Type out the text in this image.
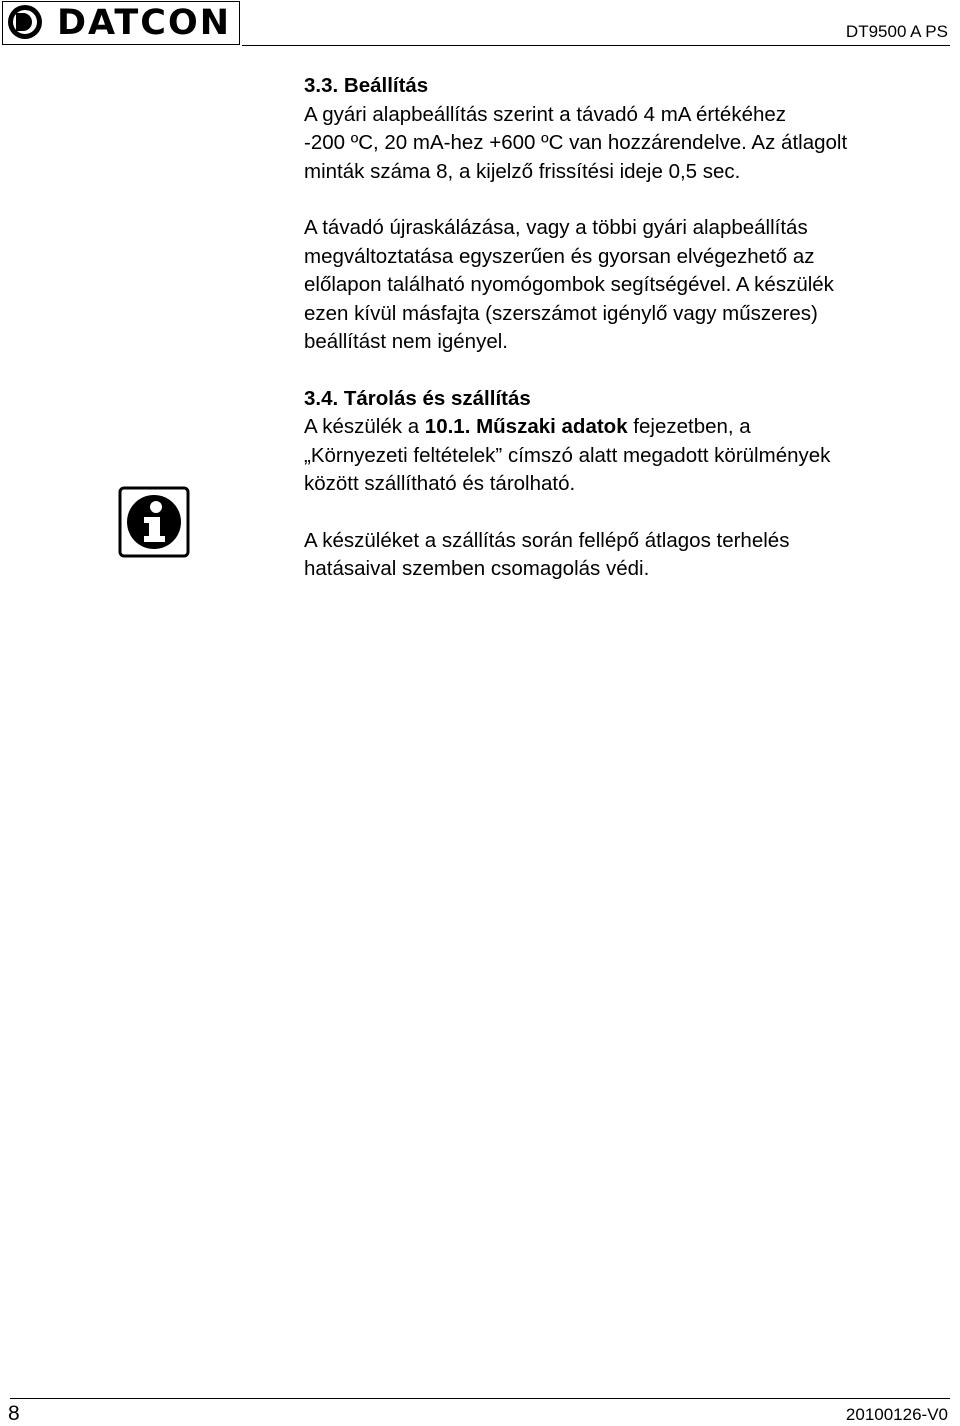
DATCON	DT9500 A PS

3.3. Beállítás

A gyári alapbeállítás szerint a távadó 4 mA értékéhez

-200 ºC, 20 mA-hez +600 ºC van hozzárendelve. Az átlagolt

minták száma 8, a kijelző frissítési ideje 0,5 sec.

A távadó újraskálázása, vagy a többi gyári alapbeállítás

megváltoztatása egyszerűen és gyorsan elvégezhető az

előlapon található nyomógombok segítségével. A készülék

ezen kívül másfajta (szerszámot igénylő vagy műszeres)

beállítást nem igényel.

3.4. Tárolás és szállítás

A készülék a 10.1. Műszaki adatok fejezetben, a

„Környezeti feltételek” címszó alatt megadott körülmények

között szállítható és tárolható.

A készüléket a szállítás során fellépő átlagos terhelés

hatásaival szemben csomagolás védi.

8	20100126-V0
